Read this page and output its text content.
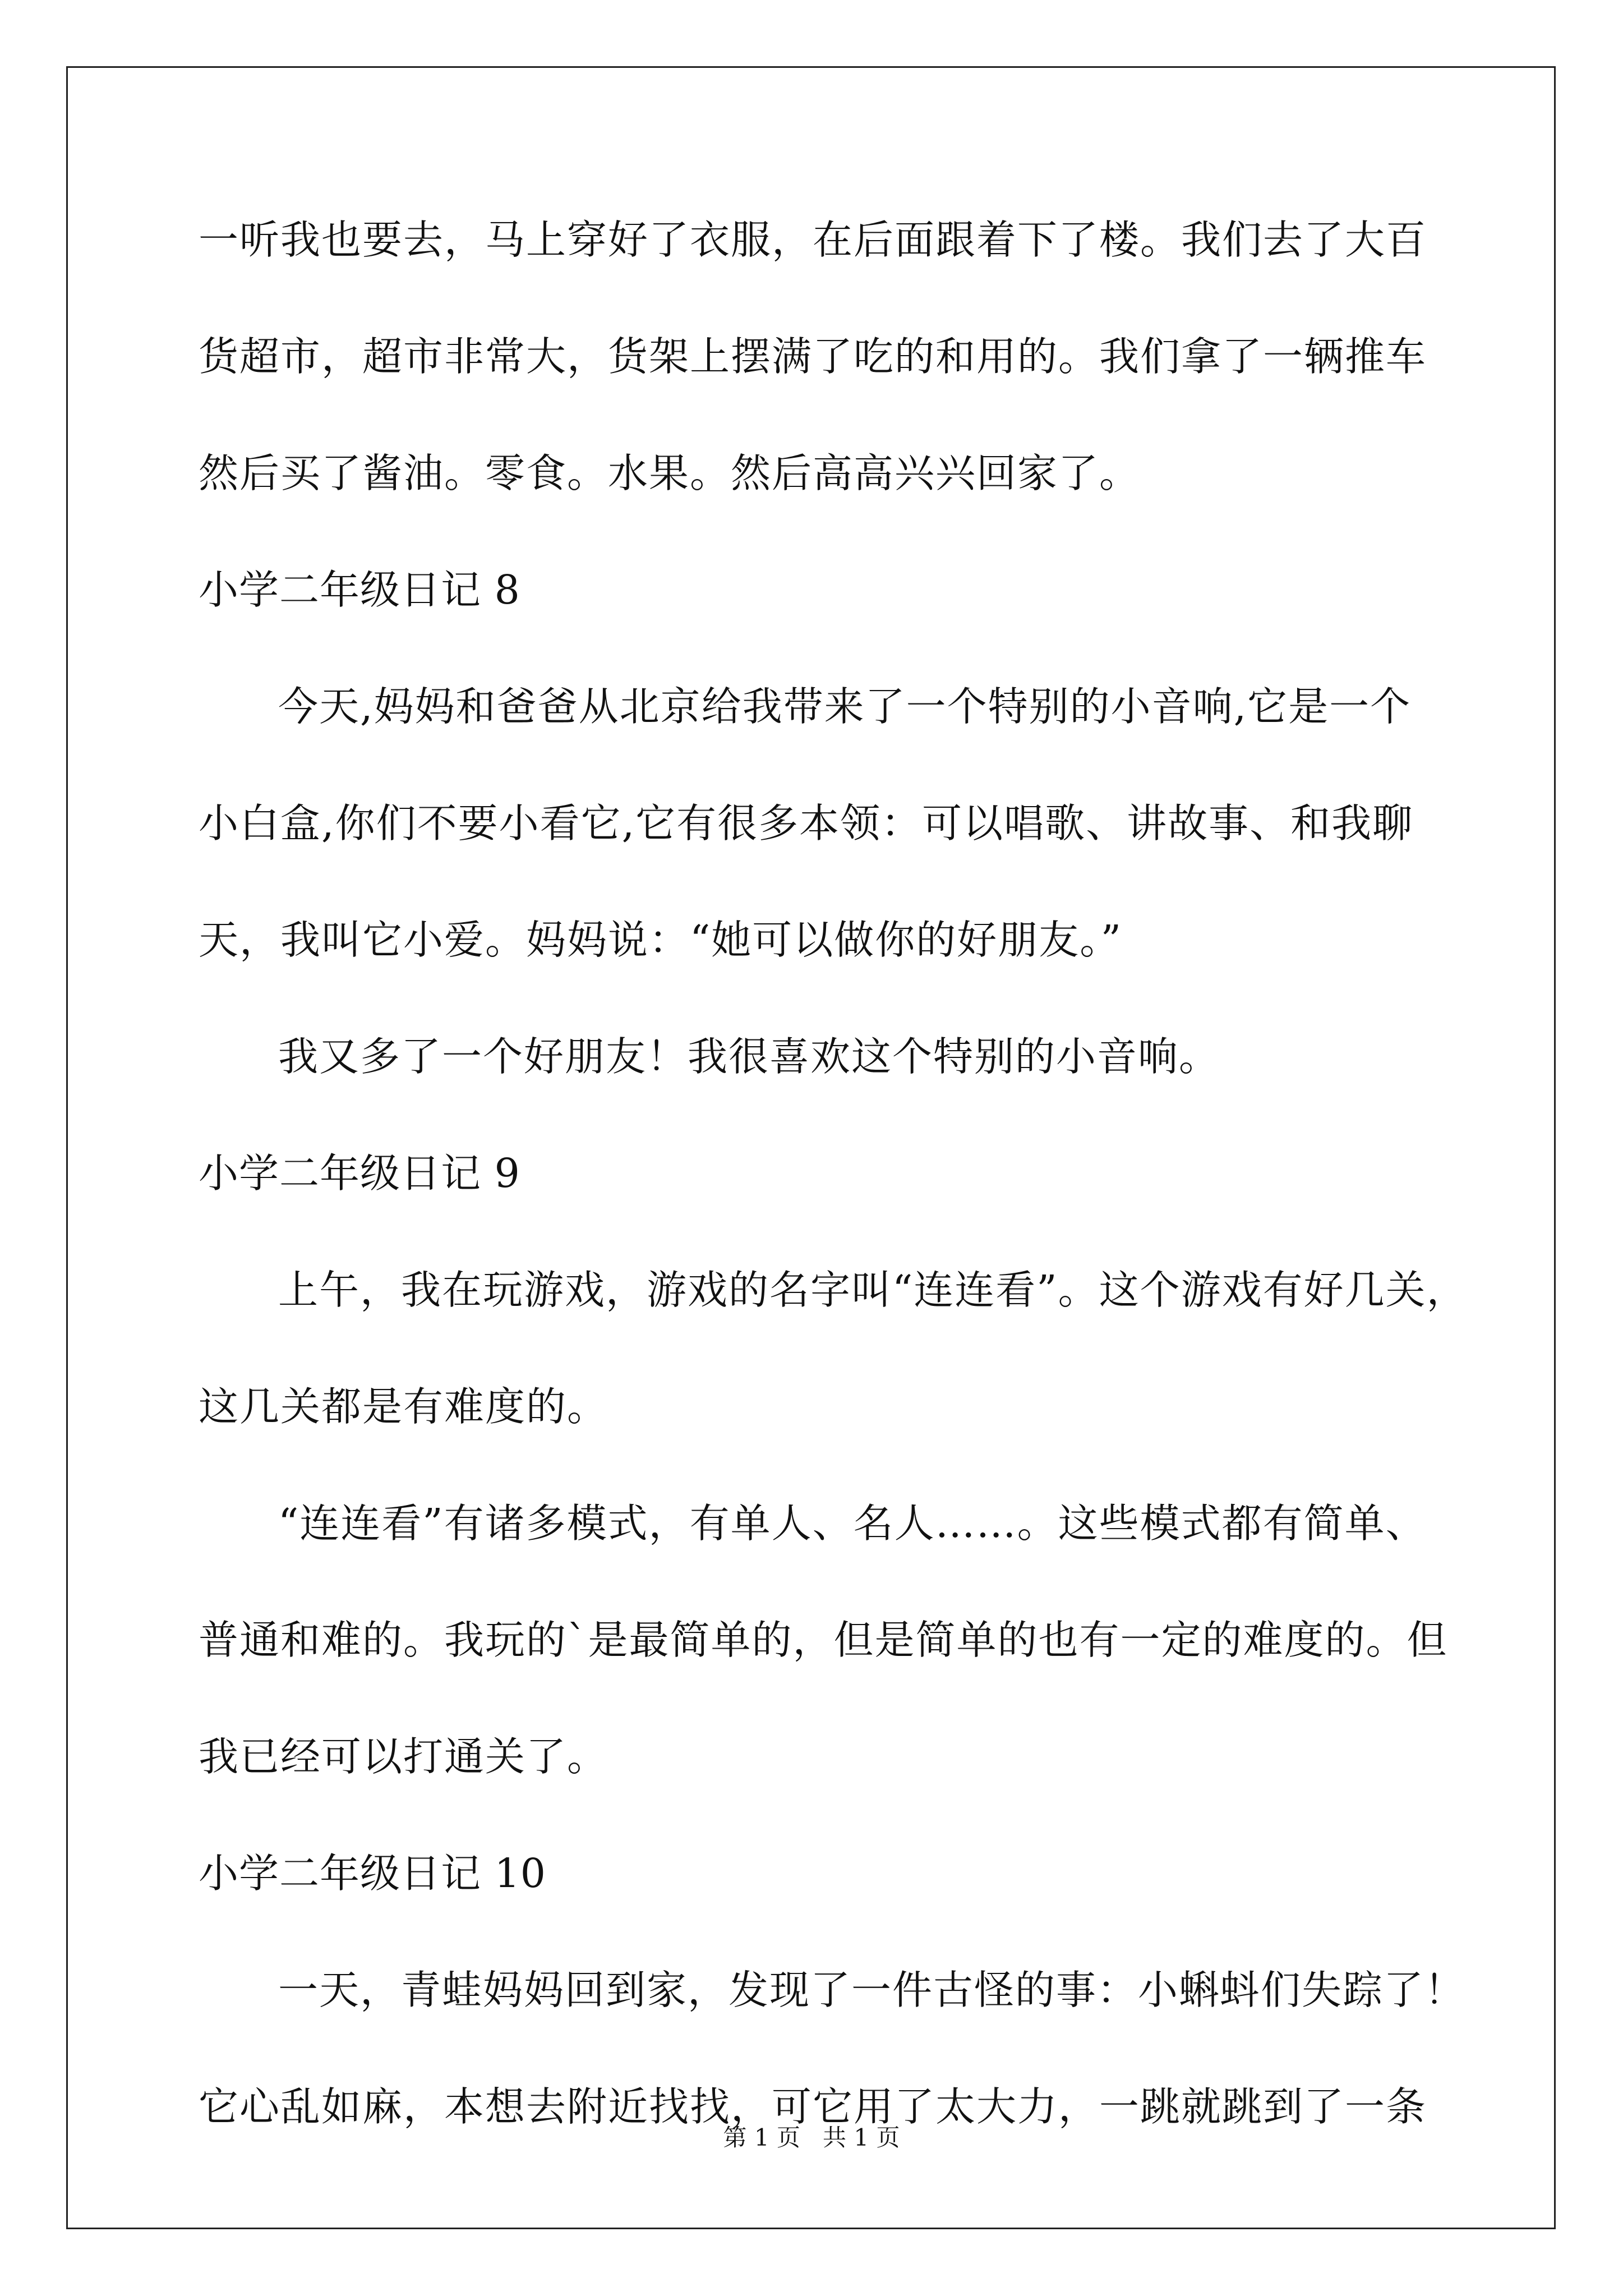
一听我也要去，马上穿好了衣服，在后面跟着下了楼。我们去了大百
货超市，超市非常大，货架上摆满了吃的和用的。我们拿了一辆推车
然后买了酱油。零食。水果。然后高高兴兴回家了。
小学二年级日记 8
今天,妈妈和爸爸从北京给我带来了一个特别的小音响,它是一个
小白盒,你们不要小看它,它有很多本领：可以唱歌、讲故事、和我聊
天，我叫它小爱。妈妈说：“她可以做你的好朋友。”
我又多了一个好朋友！我很喜欢这个特别的小音响。
小学二年级日记 9
上午，我在玩游戏，游戏的名字叫“连连看”。这个游戏有好几关，
这几关都是有难度的。
“连连看”有诸多模式，有单人、名人……。这些模式都有简单、
普通和难的。我玩的`是最简单的，但是简单的也有一定的难度的。但
我已经可以打通关了。
小学二年级日记 10
一天，青蛙妈妈回到家，发现了一件古怪的事：小蝌蚪们失踪了！
它心乱如麻，本想去附近找找，可它用了太大力，一跳就跳到了一条
第 1 页   共 1 页
